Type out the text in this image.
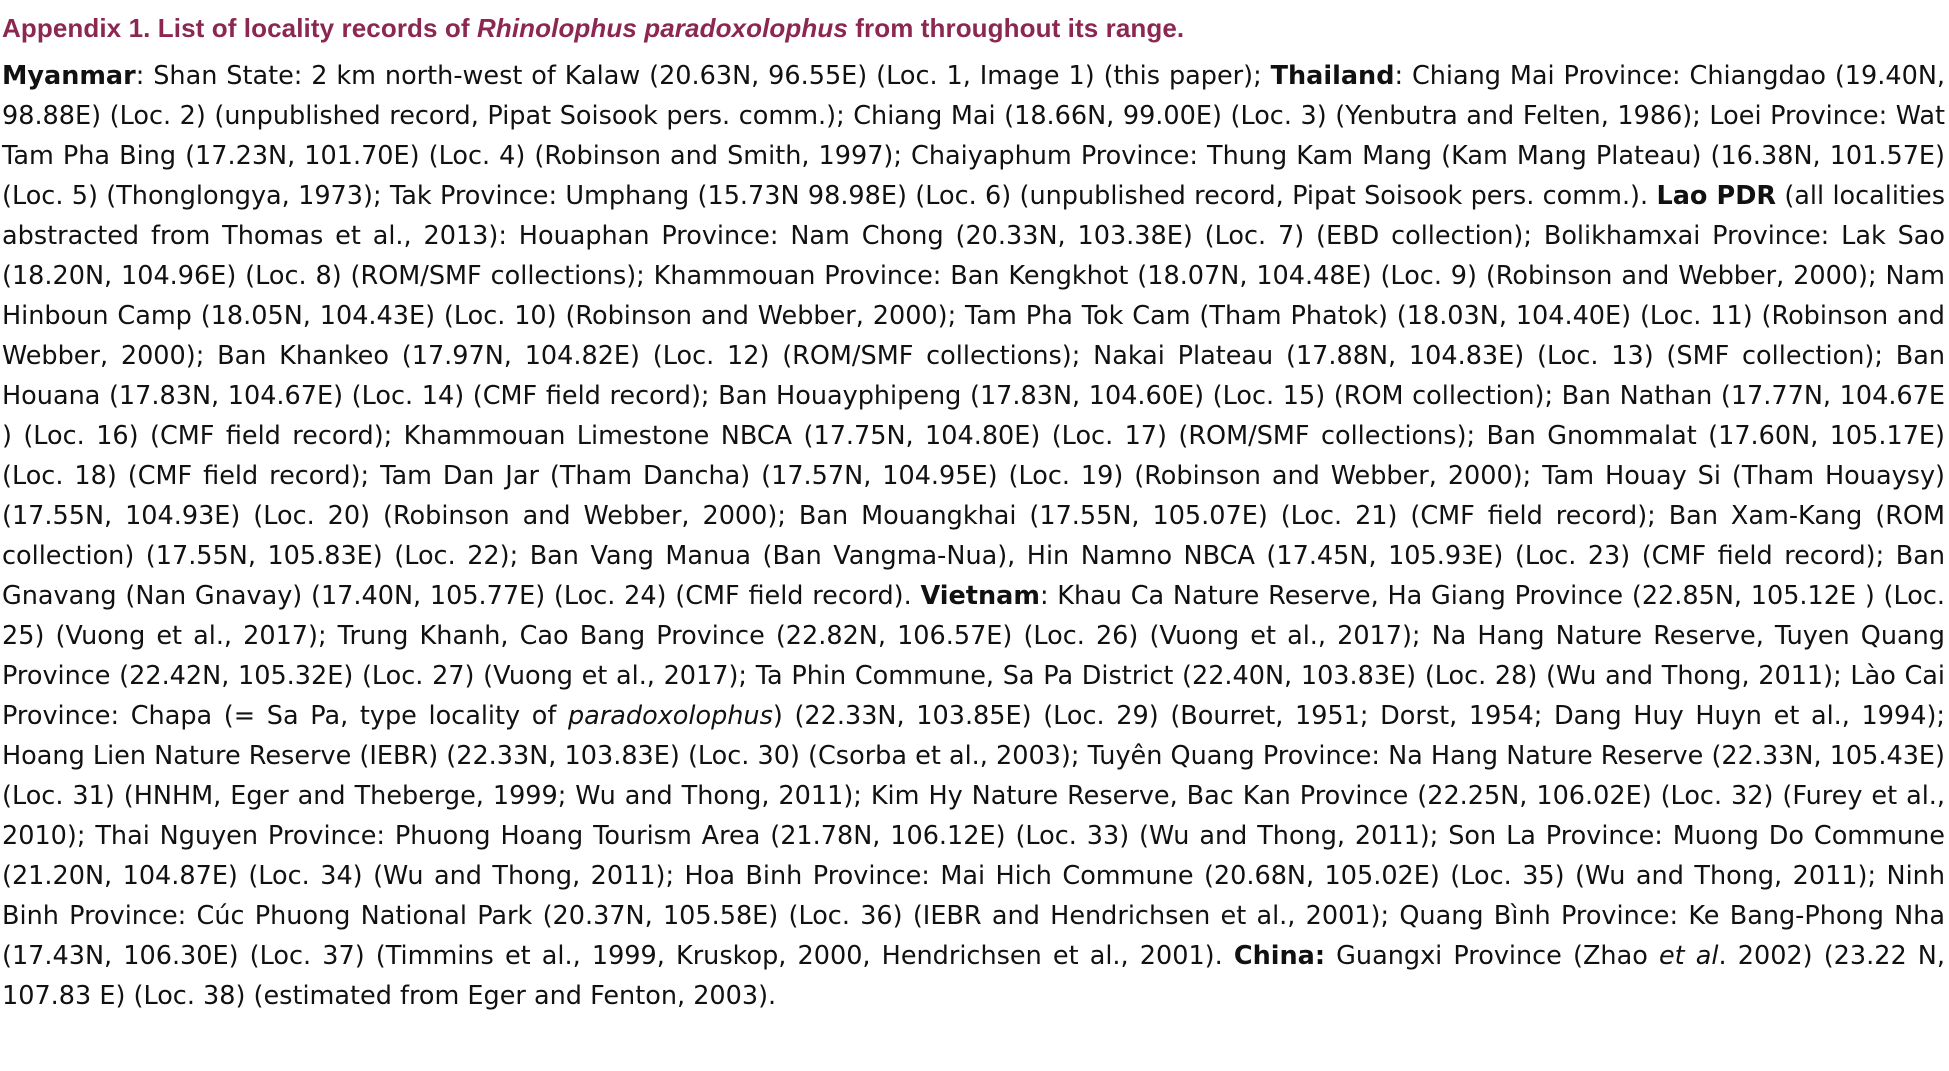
Appendix 1. List of locality records of Rhinolophus paradoxolophus from throughout its range.

Myanmar: Shan State: 2 km north-west of Kalaw (20.63N, 96.55E) (Loc. 1, Image 1) (this paper); Thailand: Chiang Mai Province: Chiangdao (19.40N, 98.88E) (Loc. 2) (unpublished record, Pipat Soisook pers. comm.); Chiang Mai (18.66N, 99.00E) (Loc. 3) (Yenbutra and Felten, 1986); Loei Province: Wat Tam Pha Bing (17.23N, 101.70E) (Loc. 4) (Robinson and Smith, 1997); Chaiyaphum Province: Thung Kam Mang (Kam Mang Plateau) (16.38N, 101.57E) (Loc. 5) (Thonglongya, 1973); Tak Province: Umphang (15.73N 98.98E) (Loc. 6) (unpublished record, Pipat Soisook pers. comm.). Lao PDR (all localities abstracted from Thomas et al., 2013): Houaphan Province: Nam Chong (20.33N, 103.38E) (Loc. 7) (EBD collection); Bolikhamxai Province: Lak Sao (18.20N, 104.96E) (Loc. 8) (ROM/SMF collections); Khammouan Province: Ban Kengkhot (18.07N, 104.48E) (Loc. 9) (Robinson and Webber, 2000); Nam Hinboun Camp (18.05N, 104.43E) (Loc. 10) (Robinson and Webber, 2000); Tam Pha Tok Cam (Tham Phatok) (18.03N, 104.40E) (Loc. 11) (Robinson and Webber, 2000); Ban Khankeo (17.97N, 104.82E) (Loc. 12) (ROM/SMF collections); Nakai Plateau (17.88N, 104.83E) (Loc. 13) (SMF collection); Ban Houana (17.83N, 104.67E) (Loc. 14) (CMF field record); Ban Houayphipeng (17.83N, 104.60E) (Loc. 15) (ROM collection); Ban Nathan (17.77N, 104.67E ) (Loc. 16) (CMF field record); Khammouan Limestone NBCA (17.75N, 104.80E) (Loc. 17) (ROM/SMF collections); Ban Gnommalat (17.60N, 105.17E) (Loc. 18) (CMF field record); Tam Dan Jar (Tham Dancha) (17.57N, 104.95E) (Loc. 19) (Robinson and Webber, 2000); Tam Houay Si (Tham Houaysy) (17.55N, 104.93E) (Loc. 20) (Robinson and Webber, 2000); Ban Mouangkhai (17.55N, 105.07E) (Loc. 21) (CMF field record); Ban Xam-Kang (ROM collection) (17.55N, 105.83E) (Loc. 22); Ban Vang Manua (Ban Vangma-Nua), Hin Namno NBCA (17.45N, 105.93E) (Loc. 23) (CMF field record); Ban Gnavang (Nan Gnavay) (17.40N, 105.77E) (Loc. 24) (CMF field record). Vietnam: Khau Ca Nature Reserve, Ha Giang Province (22.85N, 105.12E ) (Loc. 25) (Vuong et al., 2017); Trung Khanh, Cao Bang Province (22.82N, 106.57E) (Loc. 26) (Vuong et al., 2017); Na Hang Nature Reserve, Tuyen Quang Province (22.42N, 105.32E) (Loc. 27) (Vuong et al., 2017); Ta Phin Commune, Sa Pa District (22.40N, 103.83E) (Loc. 28) (Wu and Thong, 2011); Lào Cai Province: Chapa (= Sa Pa, type locality of paradoxolophus) (22.33N, 103.85E) (Loc. 29) (Bourret, 1951; Dorst, 1954; Dang Huy Huyn et al., 1994); Hoang Lien Nature Reserve (IEBR) (22.33N, 103.83E) (Loc. 30) (Csorba et al., 2003); Tuyên Quang Province: Na Hang Nature Reserve (22.33N, 105.43E) (Loc. 31) (HNHM, Eger and Theberge, 1999; Wu and Thong, 2011); Kim Hy Nature Reserve, Bac Kan Province (22.25N, 106.02E) (Loc. 32) (Furey et al., 2010); Thai Nguyen Province: Phuong Hoang Tourism Area (21.78N, 106.12E) (Loc. 33) (Wu and Thong, 2011); Son La Province: Muong Do Commune (21.20N, 104.87E) (Loc. 34) (Wu and Thong, 2011); Hoa Binh Province: Mai Hich Commune (20.68N, 105.02E) (Loc. 35) (Wu and Thong, 2011); Ninh Binh Province: Cúc Phuong National Park (20.37N, 105.58E) (Loc. 36) (IEBR and Hendrichsen et al., 2001); Quang Bình Province: Ke Bang-Phong Nha (17.43N, 106.30E) (Loc. 37) (Timmins et al., 1999, Kruskop, 2000, Hendrichsen et al., 2001). China: Guangxi Province (Zhao et al. 2002) (23.22 N, 107.83 E) (Loc. 38) (estimated from Eger and Fenton, 2003).
